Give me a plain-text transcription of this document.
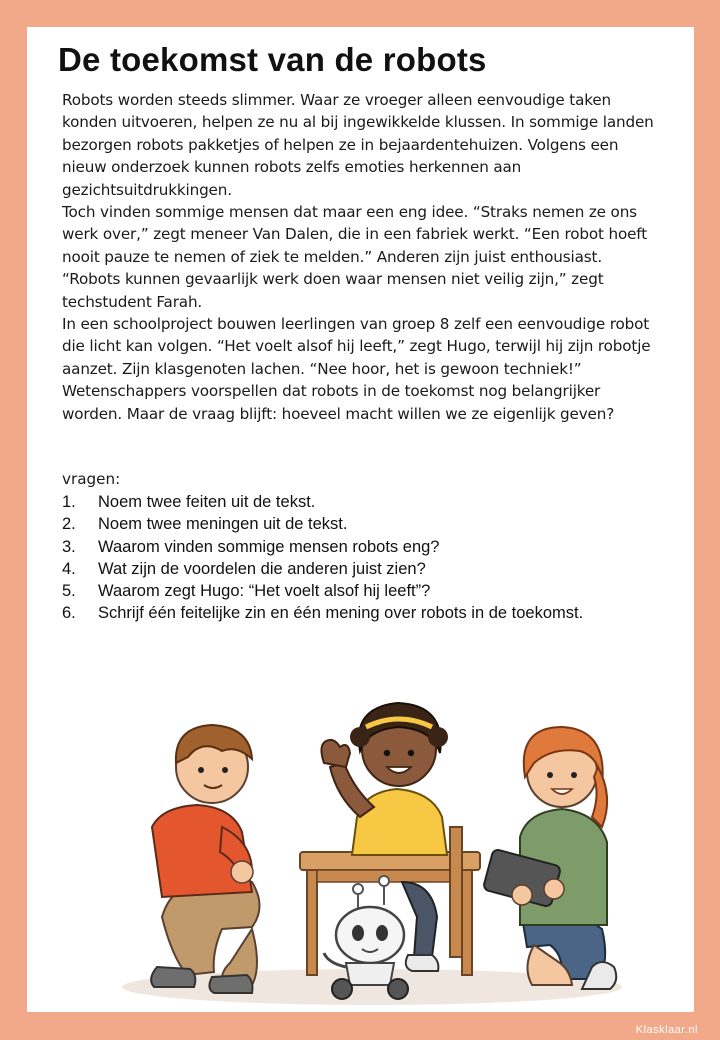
De toekomst van de robots

Robots worden steeds slimmer. Waar ze vroeger alleen eenvoudige taken konden uitvoeren, helpen ze nu al bij ingewikkelde klussen. In sommige landen bezorgen robots pakketjes of helpen ze in bejaardentehuizen. Volgens een nieuw onderzoek kunnen robots zelfs emoties herkennen aan gezichtsuitdrukkingen.

Toch vinden sommige mensen dat maar een eng idee. “Straks nemen ze ons werk over,” zegt meneer Van Dalen, die in een fabriek werkt. “Een robot hoeft nooit pauze te nemen of ziek te melden.” Anderen zijn juist enthousiast. “Robots kunnen gevaarlijk werk doen waar mensen niet veilig zijn,” zegt techstudent Farah.

In een schoolproject bouwen leerlingen van groep 8 zelf een eenvoudige robot die licht kan volgen. “Het voelt alsof hij leeft,” zegt Hugo, terwijl hij zijn robotje aanzet. Zijn klasgenoten lachen. “Nee hoor, het is gewoon techniek!”

Wetenschappers voorspellen dat robots in de toekomst nog belangrijker worden. Maar de vraag blijft: hoeveel macht willen we ze eigenlijk geven?

vragen:
1.	Noem twee feiten uit de tekst.
2.	Noem twee meningen uit de tekst.
3.	Waarom vinden sommige mensen robots eng?
4.	Wat zijn de voordelen die anderen juist zien?
5.	Waarom zegt Hugo: “Het voelt alsof hij leeft”?
6.	Schrijf één feitelijke zin en één mening over robots in de toekomst.
Klasklaar.nl
